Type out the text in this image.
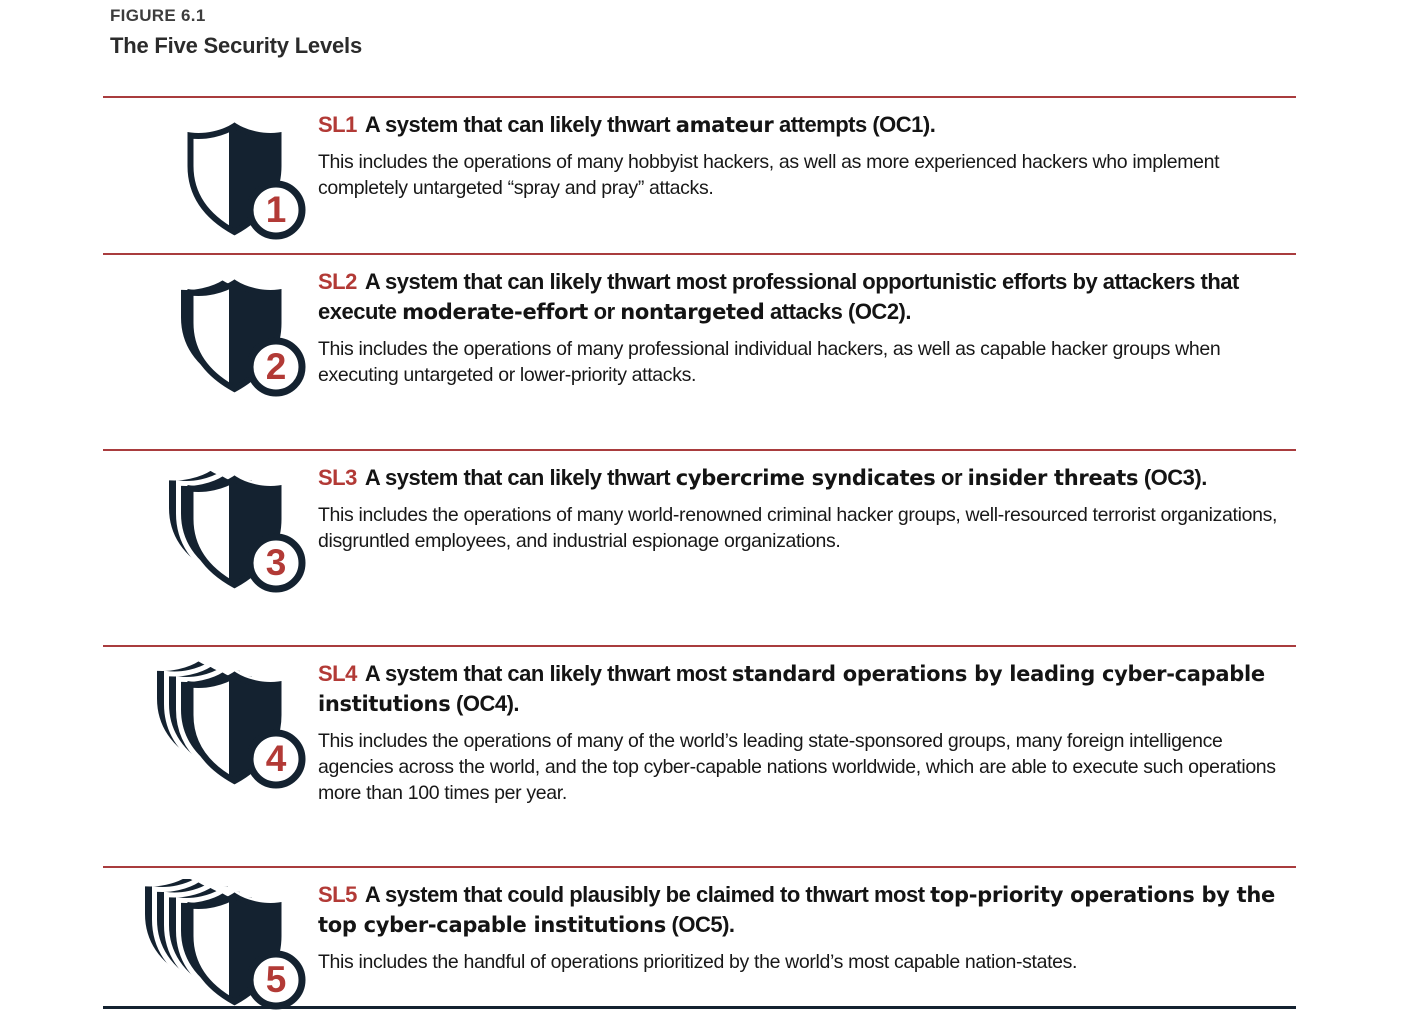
FIGURE 6.1
The Five Security Levels
1

SL1 A system that can likely thwart amateur attempts (OC1).

This includes the operations of many hobbyist hackers, as well as more experienced hackers who implement completely untargeted “spray and pray” attacks.

2

SL2 A system that can likely thwart most professional opportunistic efforts by attackers that execute moderate-effort or nontargeted attacks (OC2).

This includes the operations of many professional individual hackers, as well as capable hacker groups when executing untargeted or lower-priority attacks.

3

SL3 A system that can likely thwart cybercrime syndicates or insider threats (OC3).

This includes the operations of many world-renowned criminal hacker groups, well-resourced terrorist organizations, disgruntled employees, and industrial espionage organizations.

4

SL4 A system that can likely thwart most standard operations by leading cyber-capable institutions (OC4).

This includes the operations of many of the world’s leading state-sponsored groups, many foreign intelligence agencies across the world, and the top cyber-capable nations worldwide, which are able to execute such operations more than 100 times per year.

5

SL5 A system that could plausibly be claimed to thwart most top-priority operations by the top cyber-capable institutions (OC5).

This includes the handful of operations prioritized by the world’s most capable nation-states.
